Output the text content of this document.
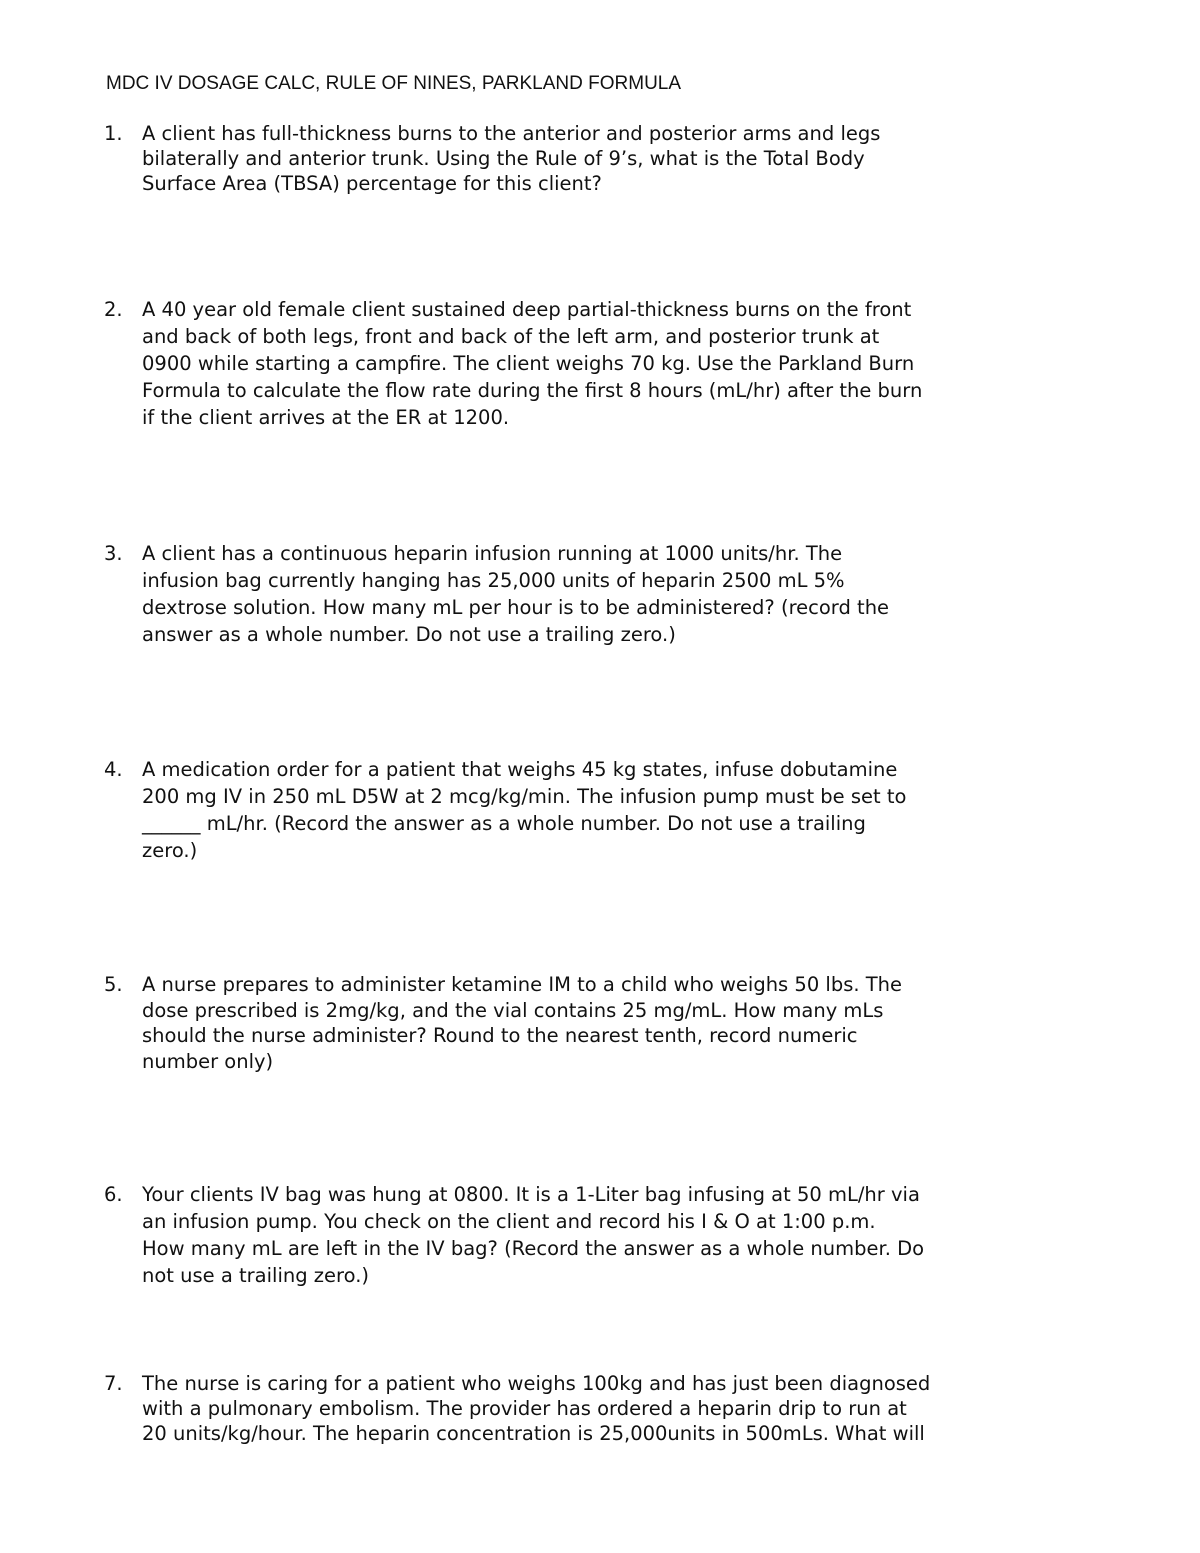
MDC IV DOSAGE CALC, RULE OF NINES, PARKLAND FORMULA
1. A client has full-thickness burns to the anterior and posterior arms and legs
bilaterally and anterior trunk. Using the Rule of 9’s, what is the Total Body
Surface Area (TBSA) percentage for this client?
2. A 40 year old female client sustained deep partial-thickness burns on the front
and back of both legs, front and back of the left arm, and posterior trunk at
0900 while starting a campfire. The client weighs 70 kg. Use the Parkland Burn
Formula to calculate the flow rate during the first 8 hours (mL/hr) after the burn
if the client arrives at the ER at 1200.
3. A client has a continuous heparin infusion running at 1000 units/hr. The
infusion bag currently hanging has 25,000 units of heparin 2500 mL 5%
dextrose solution. How many mL per hour is to be administered? (record the
answer as a whole number. Do not use a trailing zero.)
4. A medication order for a patient that weighs 45 kg states, infuse dobutamine
200 mg IV in 250 mL D5W at 2 mcg/kg/min. The infusion pump must be set to
______ mL/hr. (Record the answer as a whole number. Do not use a trailing
zero.)
5. A nurse prepares to administer ketamine IM to a child who weighs 50 lbs. The
dose prescribed is 2mg/kg, and the vial contains 25 mg/mL. How many mLs
should the nurse administer? Round to the nearest tenth, record numeric
number only)
6. Your clients IV bag was hung at 0800. It is a 1-Liter bag infusing at 50 mL/hr via
an infusion pump. You check on the client and record his I & O at 1:00 p.m.
How many mL are left in the IV bag? (Record the answer as a whole number. Do
not use a trailing zero.)
7. The nurse is caring for a patient who weighs 100kg and has just been diagnosed
with a pulmonary embolism. The provider has ordered a heparin drip to run at
20 units/kg/hour. The heparin concentration is 25,000units in 500mLs. What will
